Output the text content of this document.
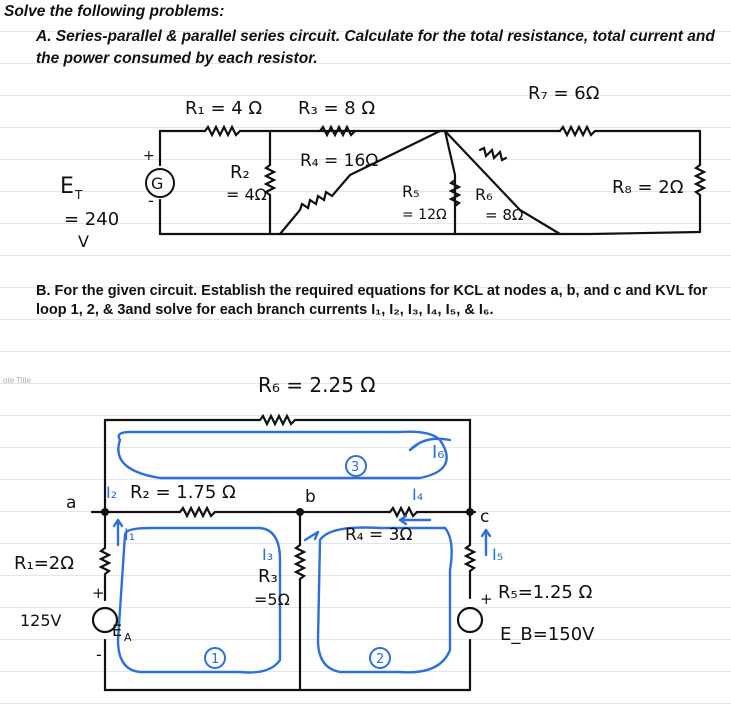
Solve the following problems:

A. Series-parallel & parallel series circuit. Calculate for the total resistance, total current and the power consumed by each resistor.

B. For the given circuit. Establish the required equations for KCL at nodes a, b, and c and KVL for loop 1, 2, & 3and solve for each branch currents I₁, I₂, I₃, I₄, I₅, & I₆.

ote Title
G
+
-
E T
= 240
V
R₁ = 4 Ω R₃ = 8 Ω
R₂
= 4Ω
R₄ = 16Ω
R₅
= 12Ω
R₆
= 8Ω
R₇ = 6Ω
R₈ = 2Ω
R₆ = 2.25 Ω
I₆
3
I₂ R₂ = 1.75 Ω
a	b
c
I₄
R₄ = 3Ω
I₁
I₃	I₅
R₁=2Ω
R₃
=5Ω	R₅=1.25 Ω
+
125V
E A
-
+
E_B=150V
1	2
